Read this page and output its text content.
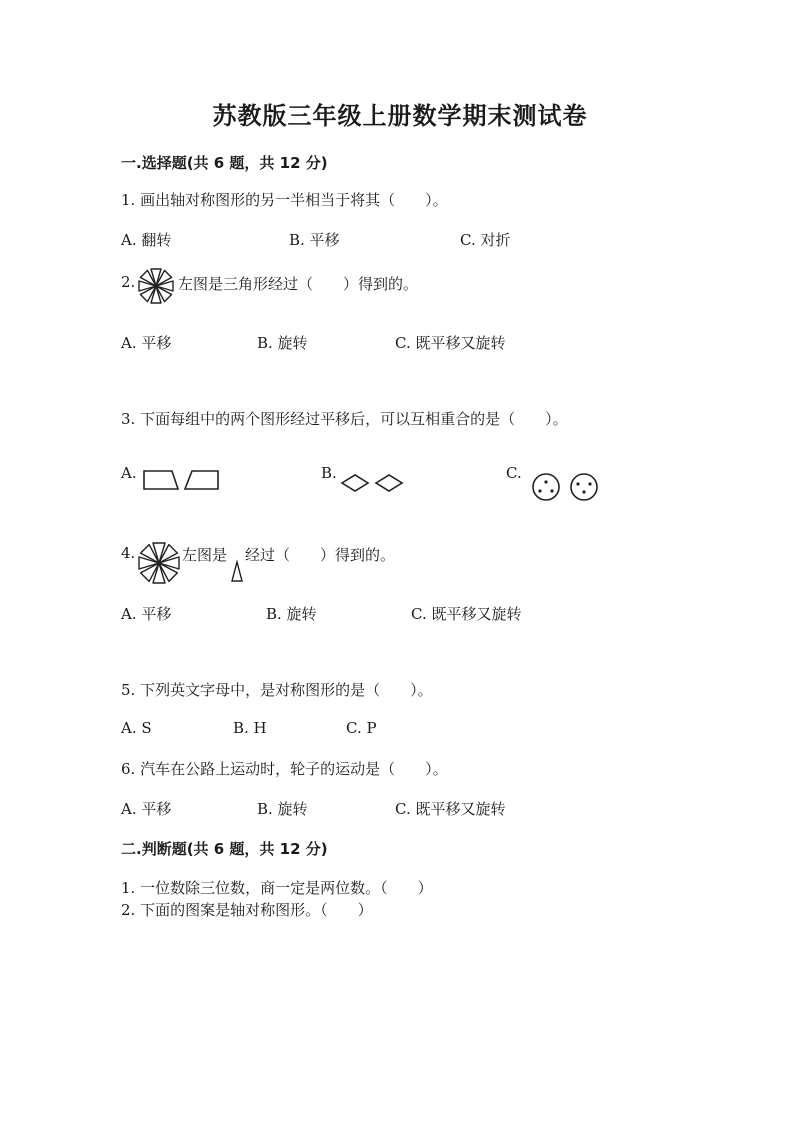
苏教版三年级上册数学期末测试卷
一.选择题(共 6 题，共 12 分)
1. 画出轴对称图形的另一半相当于将其（　　）。
A. 翻转	B. 平移	C. 对折
2.	左图是三角形经过（　　）得到的。
A. 平移	B. 旋转	C. 既平移又旋转
3. 下面每组中的两个图形经过平移后，可以互相重合的是（　　）。
A.	B.	C.
4.	左图是 经过（　　）得到的。
A. 平移	B. 旋转	C. 既平移又旋转
5. 下列英文字母中，是对称图形的是（　　）。
A. S	B. H	C. P
6. 汽车在公路上运动时，轮子的运动是（　　）。
A. 平移	B. 旋转	C. 既平移又旋转
二.判断题(共 6 题，共 12 分)
1. 一位数除三位数，商一定是两位数。（　　）
2. 下面的图案是轴对称图形。（　　）
